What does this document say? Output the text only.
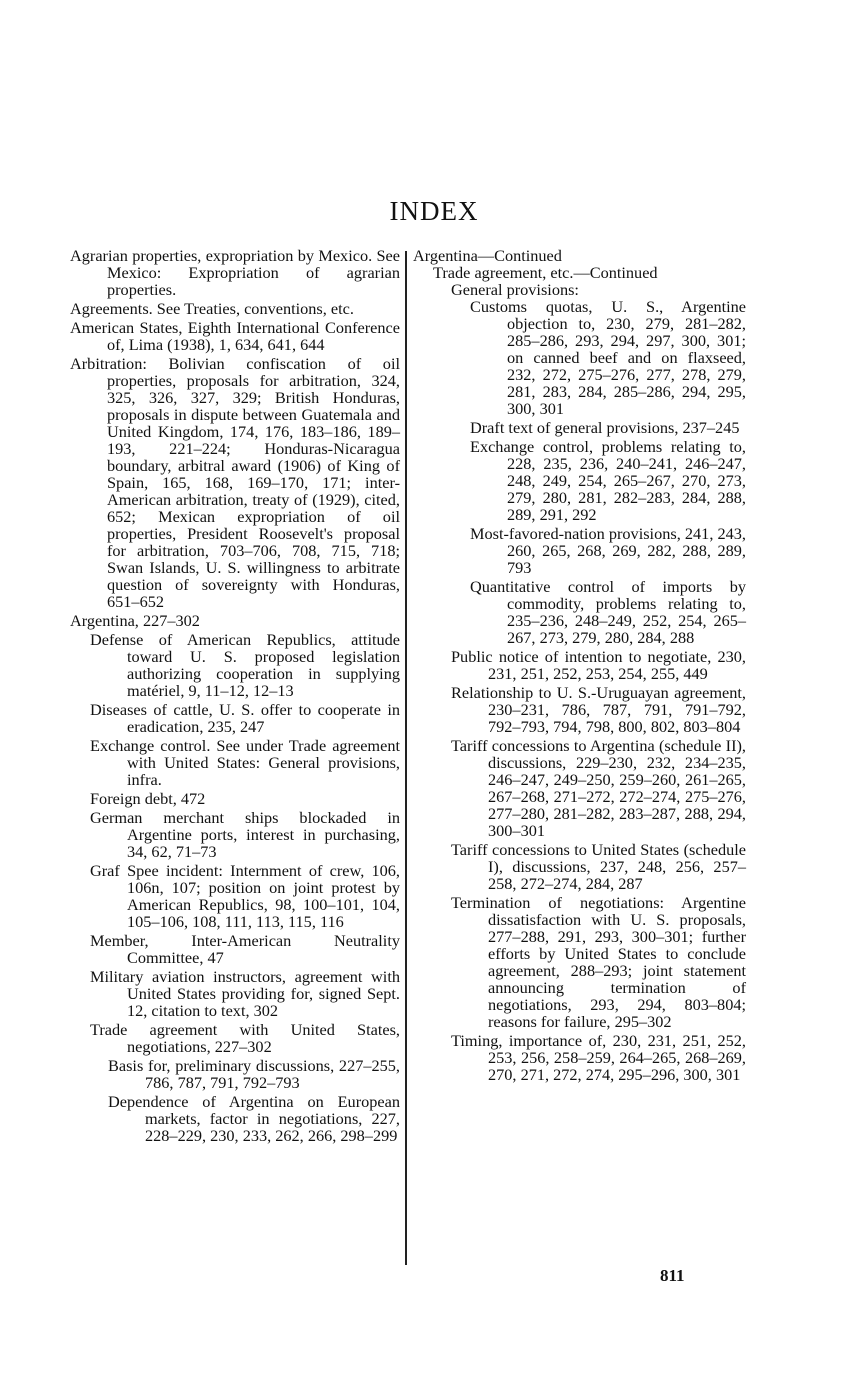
INDEX
Agrarian properties, expropriation by Mexico. See Mexico: Expropriation of agrarian properties.
Agreements. See Treaties, conventions, etc.
American States, Eighth International Conference of, Lima (1938), 1, 634, 641, 644
Arbitration: Bolivian confiscation of oil properties, proposals for arbitration, 324, 325, 326, 327, 329; British Honduras, proposals in dispute between Guatemala and United Kingdom, 174, 176, 183–186, 189–193, 221–224; Honduras-Nicaragua boundary, arbitral award (1906) of King of Spain, 165, 168, 169–170, 171; inter-American arbitration, treaty of (1929), cited, 652; Mexican expropriation of oil properties, President Roosevelt's proposal for arbitration, 703–706, 708, 715, 718; Swan Islands, U. S. willingness to arbitrate question of sovereignty with Honduras, 651–652
Argentina, 227–302
Defense of American Republics, attitude toward U. S. proposed legislation authorizing cooperation in supplying matériel, 9, 11–12, 12–13
Diseases of cattle, U. S. offer to cooperate in eradication, 235, 247
Exchange control. See under Trade agreement with United States: General provisions, infra.
Foreign debt, 472
German merchant ships blockaded in Argentine ports, interest in purchasing, 34, 62, 71–73
Graf Spee incident: Internment of crew, 106, 106n, 107; position on joint protest by American Republics, 98, 100–101, 104, 105–106, 108, 111, 113, 115, 116
Member, Inter-American Neutrality Committee, 47
Military aviation instructors, agreement with United States providing for, signed Sept. 12, citation to text, 302
Trade agreement with United States, negotiations, 227–302
Basis for, preliminary discussions, 227–255, 786, 787, 791, 792–793
Dependence of Argentina on European markets, factor in negotiations, 227, 228–229, 230, 233, 262, 266, 298–299
Argentina—Continued
Trade agreement, etc.—Continued
General provisions:
Customs quotas, U. S., Argentine objection to, 230, 279, 281–282, 285–286, 293, 294, 297, 300, 301; on canned beef and on flaxseed, 232, 272, 275–276, 277, 278, 279, 281, 283, 284, 285–286, 294, 295, 300, 301
Draft text of general provisions, 237–245
Exchange control, problems relating to, 228, 235, 236, 240–241, 246–247, 248, 249, 254, 265–267, 270, 273, 279, 280, 281, 282–283, 284, 288, 289, 291, 292
Most-favored-nation provisions, 241, 243, 260, 265, 268, 269, 282, 288, 289, 793
Quantitative control of imports by commodity, problems relating to, 235–236, 248–249, 252, 254, 265–267, 273, 279, 280, 284, 288
Public notice of intention to negotiate, 230, 231, 251, 252, 253, 254, 255, 449
Relationship to U. S.-Uruguayan agreement, 230–231, 786, 787, 791, 791–792, 792–793, 794, 798, 800, 802, 803–804
Tariff concessions to Argentina (schedule II), discussions, 229–230, 232, 234–235, 246–247, 249–250, 259–260, 261–265, 267–268, 271–272, 272–274, 275–276, 277–280, 281–282, 283–287, 288, 294, 300–301
Tariff concessions to United States (schedule I), discussions, 237, 248, 256, 257–258, 272–274, 284, 287
Termination of negotiations: Argentine dissatisfaction with U. S. proposals, 277–288, 291, 293, 300–301; further efforts by United States to conclude agreement, 288–293; joint statement announcing termination of negotiations, 293, 294, 803–804; reasons for failure, 295–302
Timing, importance of, 230, 231, 251, 252, 253, 256, 258–259, 264–265, 268–269, 270, 271, 272, 274, 295–296, 300, 301
811
